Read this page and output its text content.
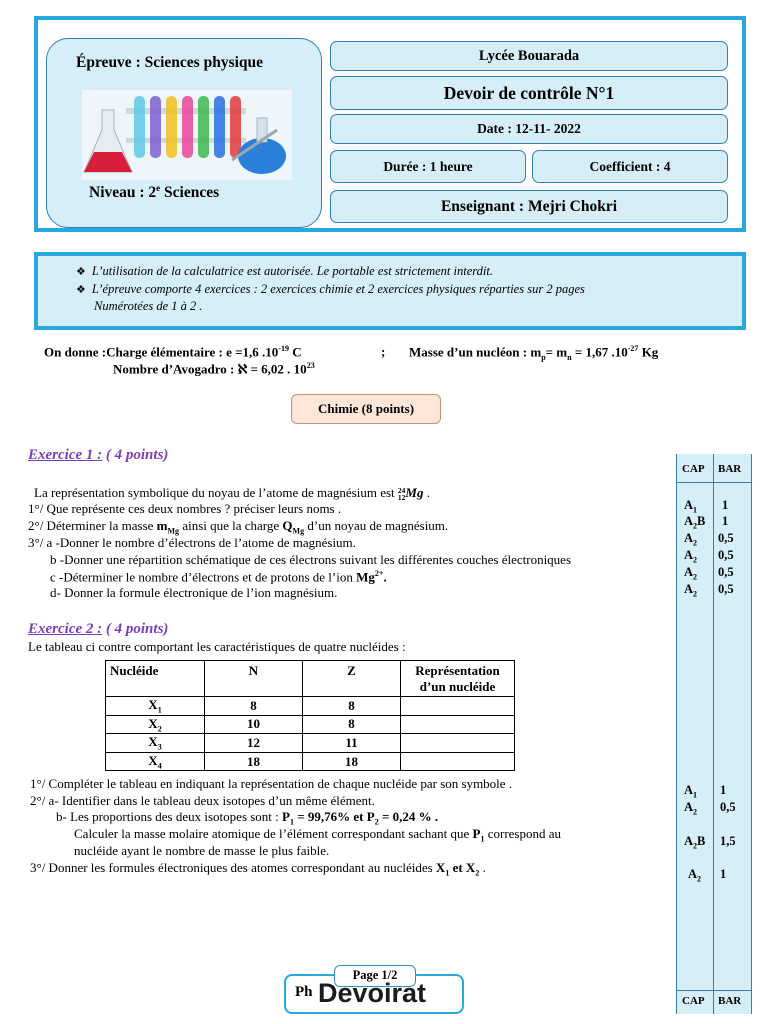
Épreuve : Sciences physique
Niveau : 2e Sciences
Lycée Bouarada
Devoir de contrôle N°1
Date : 12-11- 2022
Durée : 1 heure	Coefficient : 4
Enseignant : Mejri Chokri
❖ L’utilisation de la calculatrice est autorisée. Le portable est strictement interdit.
❖ L’épreuve comporte 4 exercices : 2 exercices chimie et 2 exercices physiques réparties sur 2 pages
Numérotées de 1 à 2 .
On donne :Charge élémentaire : e =1,6 $.10^{-19}$ C	; Masse d’un nucléon : $m_p= m_n = 1,67$ $.10^{-27}$ Kg
Nombre d’Avogadro : ℵ = 6,02 . $10^{23}$
Chimie (8 points)
CAP BAR
$A_1$ 1
$A_2B$ 1
$A_2$ 0,5
$A_2$ 0,5
$A_2$ 0,5
$A_2$ 0,5
$A_1$ 1
$A_2$ 0,5
$A_2B$ 1,5
$A_2$ 1
CAP BAR
Exercice 1 : ( 4 points)
La représentation symbolique du noyau de l’atome de magnésium est 24
12Mg .
1°/ Que représente ces deux nombres ? préciser leurs noms .
2°/ Déterminer la masse $m_{Mg}$ ainsi que la charge $Q_{Mg}$ d’un noyau de magnésium.
3°/ a -Donner le nombre d’électrons de l’atome de magnésium.
b -Donner une répartition schématique de ces électrons suivant les différentes couches électroniques
c -Déterminer le nombre d’électrons et de protons de l’ion $Mg^{2+}$.
d- Donner la formule électronique de l’ion magnésium.
Exercice 2 : ( 4 points)
Le tableau ci contre comportant les caractéristiques de quatre nucléides :
Nucléide	N	Z	Représentation
d’un nucléide
$X_1$	8	8	
$X_2$	10	8	
$X_3$	12	11	
$X_4$	18	18	
1°/ Compléter le tableau en indiquant la représentation de chaque nucléide par son symbole .
2°/ a- Identifier dans le tableau deux isotopes d’un même élément.
b- Les proportions des deux isotopes sont : $P_1 = 99,76\%$ et $P_2 = 0,24$ % .
Calculer la masse molaire atomique de l’élément correspondant sachant que $P_1$ correspond au
nucléide ayant le nombre de masse le plus faible.
3°/ Donner les formules électroniques des atomes correspondant au nucléides $X_1$ et $X_2$ .
Ph
Page 1/2
Devoirat
